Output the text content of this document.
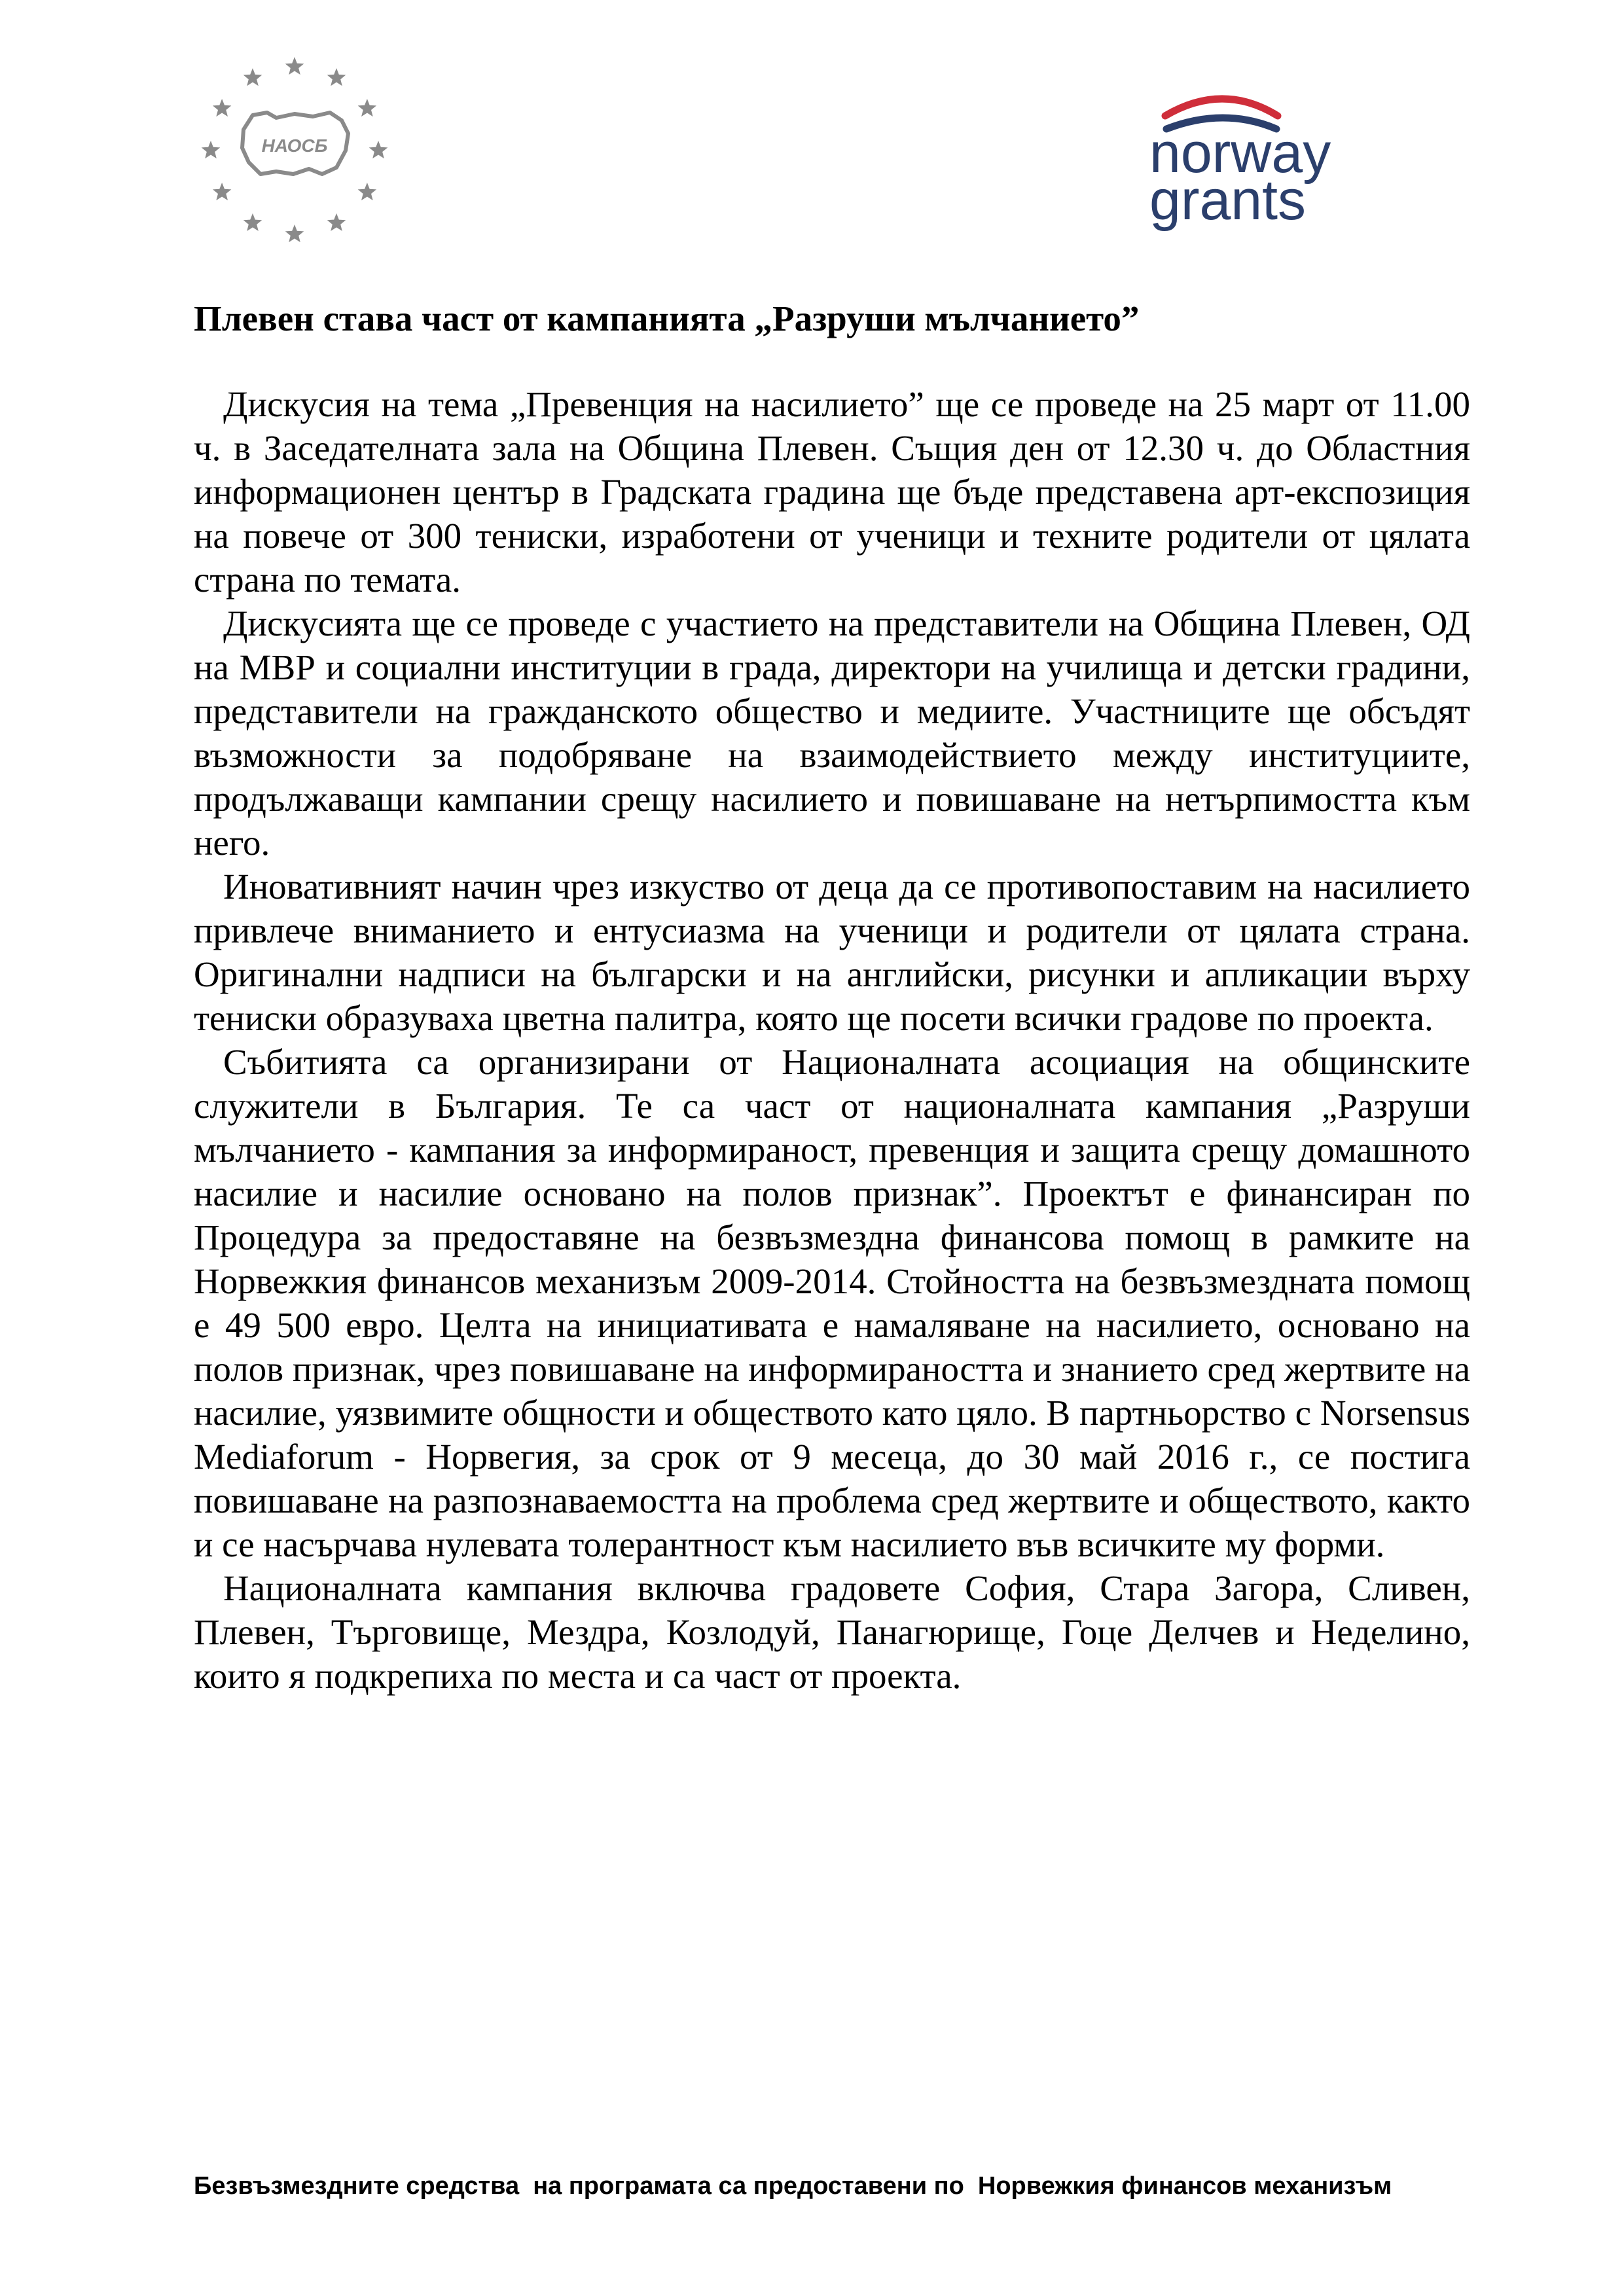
НАОСБ	norway
grants
Плевен става част от кампанията „Разруши мълчанието”

Дискусия на тема „Превенция на насилието” ще се проведе на 25 март от 11.00 ч. в Заседателната зала на Община Плевен. Същия ден от 12.30 ч. до Областния информационен център в Градската градина ще бъде представена арт-експозиция на повече от 300 тениски, изработени от ученици и техните родители от цялата страна по темата.

Дискусията ще се проведе с участието на представители на Община Плевен, ОД на МВР и социални институции в града, директори на училища и детски градини, представители на гражданското общество и медиите. Участниците ще обсъдят възможности за подобряване на взаимодействието между институциите, продължаващи кампании срещу насилието и повишаване на нетърпимостта към него.

Иновативният начин чрез изкуство от деца да се противопоставим на насилието привлече вниманието и ентусиазма на ученици и родители от цялата страна. Оригинални надписи на български и на английски, рисунки и апликации върху тениски образуваха цветна палитра, която ще посети всички градове по проекта.

Събитията са организирани от Националната асоциация на общинските служители в България. Те са част от националната кампания „Разруши мълчанието - кампания за информираност, превенция и защита срещу домашното насилие и насилие основано на полов признак”. Проектът е финансиран по Процедура за предоставяне на безвъзмездна финансова помощ в рамките на Норвежкия финансов механизъм 2009-2014. Стойността на безвъзмездната помощ е 49 500 евро. Целта на инициативата е намаляване на насилието, основано на полов признак, чрез повишаване на информираността и знанието сред жертвите на насилие, уязвимите общности и обществото като цяло. В партньорство с Norsensus Mediaforum - Норвегия, за срок от 9 месеца, до 30 май 2016 г., се постига повишаване на разпознаваемостта на проблема сред жертвите и обществото, както и се насърчава нулевата толерантност към насилието във всичките му форми.

Националната кампания включва градовете София, Стара Загора, Сливен, Плевен, Търговище, Мездра, Козлодуй, Панагюрище, Гоце Делчев и Неделино, които я подкрепиха по места и са част от проекта.

Безвъзмездните средства  на програмата са предоставени по  Норвежкия финансов механизъм
